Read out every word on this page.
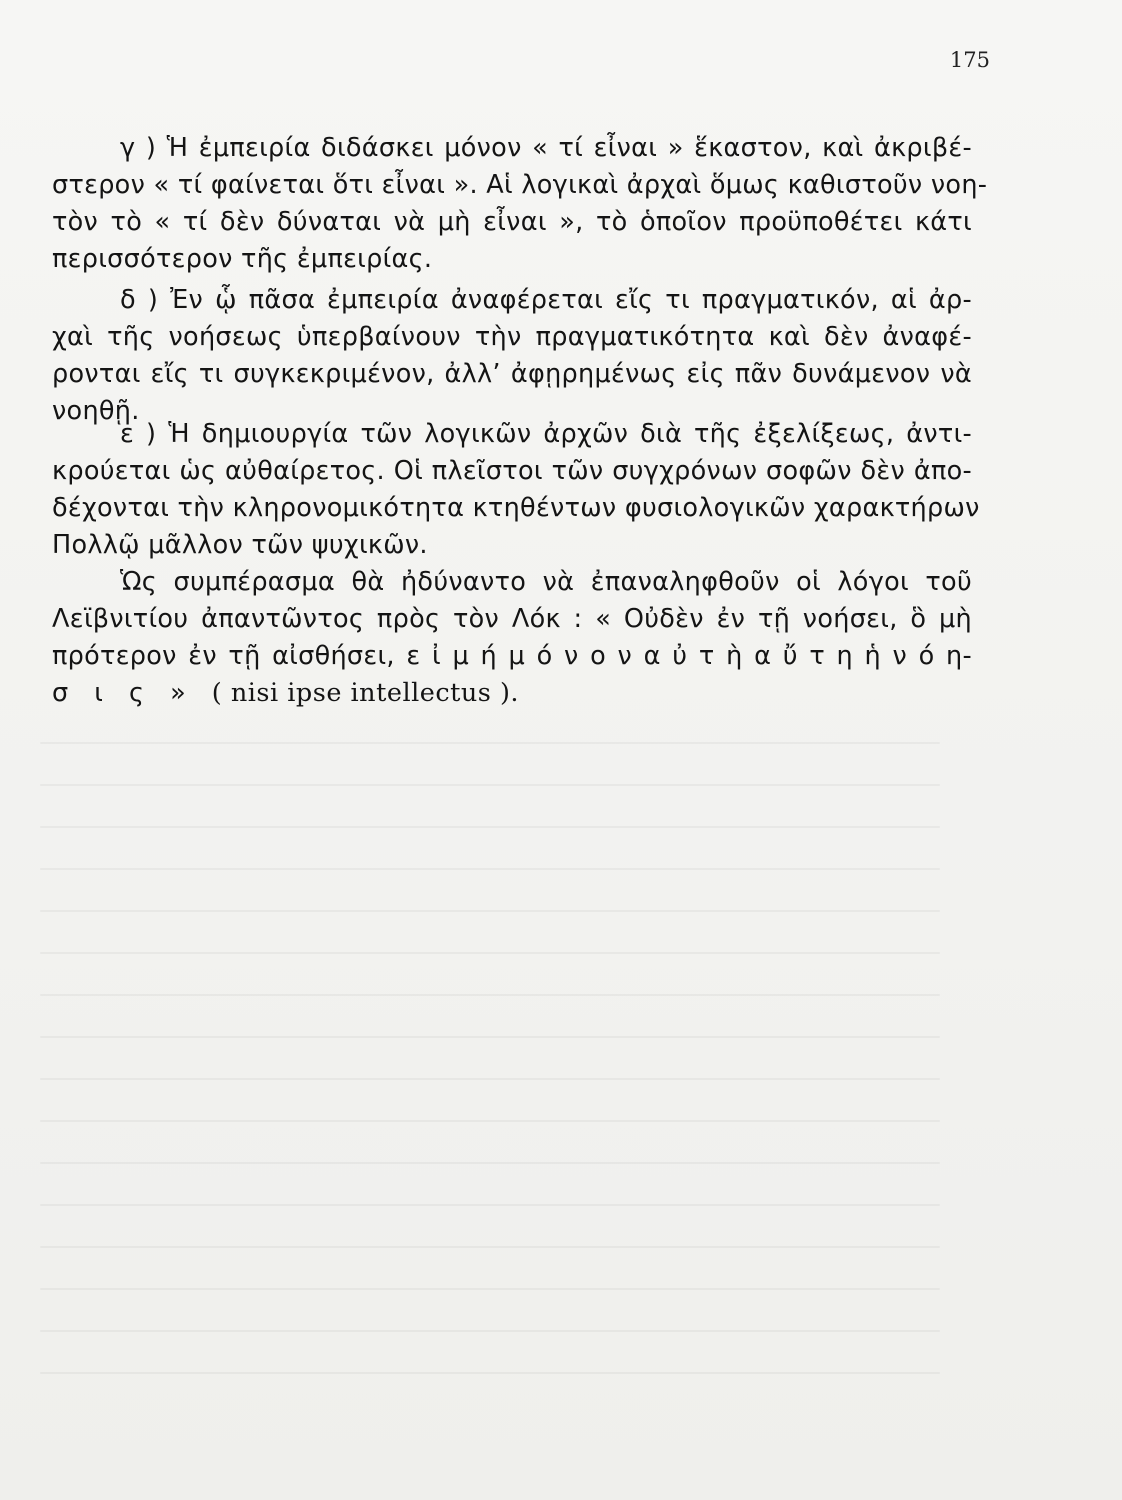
175
γ ) Ἡ ἐμπειρία διδάσκει μόνον « τί εἶναι » ἕκαστον, καὶ ἀκριβέ-
στερον « τί φαίνεται ὅτι εἶναι ». Αἱ λογικαὶ ἀρχαὶ ὅμως καθιστοῦν νοη-
τὸν τὸ « τί δὲν δύναται νὰ μὴ εἶναι », τὸ ὁποῖον προϋποθέτει κάτι
περισσότερον τῆς ἐμπειρίας.
δ ) Ἐν ᾧ πᾶσα ἐμπειρία ἀναφέρεται εἴς τι πραγματικόν, αἱ ἀρ-
χαὶ τῆς νοήσεως ὑπερβαίνουν τὴν πραγματικότητα καὶ δὲν ἀναφέ-
ρονται εἴς τι συγκεκριμένον, ἀλλ’ ἀφῃρημένως εἰς πᾶν δυνάμενον νὰ
νοηθῇ.
ε ) Ἡ δημιουργία τῶν λογικῶν ἀρχῶν διὰ τῆς ἐξελίξεως, ἀντι-
κρούεται ὡς αὐθαίρετος. Οἱ πλεῖστοι τῶν συγχρόνων σοφῶν δὲν ἀπο-
δέχονται τὴν κληρονομικότητα κτηθέντων φυσιολογικῶν χαρακτήρων
Πολλῷ μᾶλλον τῶν ψυχικῶν.
Ὡς συμπέρασμα θὰ ἠδύναντο νὰ ἐπαναληφθοῦν οἱ λόγοι τοῦ
Λεϊβνιτίου ἀπαντῶντος πρὸς τὸν Λόκ : « Οὐδὲν ἐν τῇ νοήσει, ὃ μὴ
πρότερον ἐν τῇ αἰσθήσει, ε ἰ μ ή μ ό ν ο ν α ὐ τ ὴ α ὔ τ η ἡ ν ό η-
σ ι ς » ( nisi ipse intellectus ).
